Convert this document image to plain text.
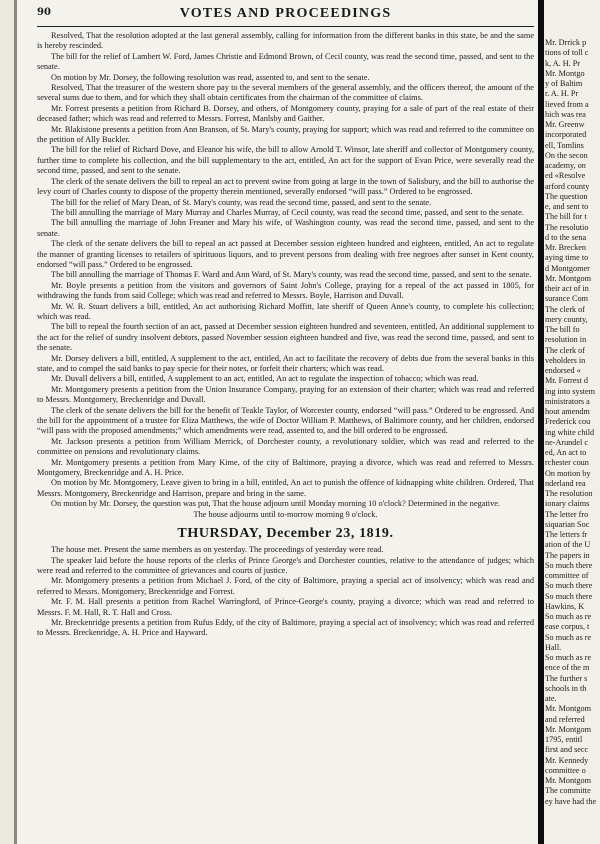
90	VOTES AND PROCEEDINGS

Resolved, That the resolution adopted at the last general assembly, calling for information from the different banks in this state, be and the same is hereby rescinded.

The bill for the relief of Lambert W. Ford, James Christie and Edmond Brown, of Cecil county, was read the second time, passed, and sent to the senate.

On motion by Mr. Dorsey, the following resolution was read, assented to, and sent to the senate.

Resolved, That the treasurer of the western shore pay to the several members of the general assembly, and the officers thereof, the amount of the several sums due to them, and for which they shall obtain certificates from the chairman of the committee of claims.

Mr. Forrest presents a petition from Richard B. Dorsey, and others, of Montgomery county, praying for a sale of part of the real estate of their deceased father; which was read and referred to Messrs. Forrest, Manlsby and Gaither.

Mr. Blakistone presents a petition from Ann Branson, of St. Mary's county, praying for support; which was read and referred to the committee on the petition of Ally Buckler.

The bill for the relief of Richard Dove, and Eleanor his wife, the bill to allow Arnold T. Winsor, late sheriff and collector of Montgomery county, further time to complete his collection, and the bill supplementary to the act, entitled, An act for the support of Evan Price, were severally read the second time, passed, and sent to the senate.

The clerk of the senate delivers the bill to repeal an act to prevent swine from going at large in the town of Salisbury, and the bill to authorise the levy court of Charles county to dispose of the property therein mentioned, severally endorsed “will pass.” Ordered to be engrossed.

The bill for the relief of Mary Dean, of St. Mary's county, was read the second time, passed, and sent to the senate.

The bill annulling the marriage of Mary Murray and Charles Murray, of Cecil county, was read the second time, passed, and sent to the senate.

The bill annulling the marriage of John Freaner and Mary his wife, of Washington county, was read the second time, passed, and sent to the senate.

The clerk of the senate delivers the bill to repeal an act passed at December session eighteen hundred and eighteen, entitled, An act to regulate the manner of granting licenses to retailers of spirituous liquors, and to prevent persons from dealing with free negroes after sunset in Kent county, endorsed “will pass.” Ordered to be engrossed.

The bill annulling the marriage of Thomas F. Ward and Ann Ward, of St. Mary's county, was read the second time, passed, and sent to the senate.

Mr. Boyle presents a petition from the visitors and governors of Saint John's College, praying for a repeal of the act passed in 1805, for withdrawing the funds from said College; which was read and referred to Messrs. Boyle, Harrison and Duvall.

Mr. W. R. Stuart delivers a bill, entitled, An act authorising Richard Moffitt, late sheriff of Queen Anne's county, to complete his collection; which was read.

The bill to repeal the fourth section of an act, passed at December session eighteen hundred and seventeen, entitled, An additional supplement to the act for the relief of sundry insolvent debtors, passed November session eighteen hundred and five, was read the second time, passed, and sent to the senate.

Mr. Dorsey delivers a bill, entitled, A supplement to the act, entitled, An act to facilitate the recovery of debts due from the several banks in this state, and to compel the said banks to pay specie for their notes, or forfeit their charters; which was read.

Mr. Duvall delivers a bill, entitled, A supplement to an act, entitled, An act to regulate the inspection of tobacco; which was read.

Mr. Montgomery presents a petition from the Union Insurance Company, praying for an extension of their charter; which was read and referred to Messrs. Montgomery, Breckenridge and Duvall.

The clerk of the senate delivers the bill for the benefit of Teakle Taylor, of Worcester county, endorsed “will pass.” Ordered to be engrossed. And the bill for the appointment of a trustee for Eliza Matthews, the wife of Doctor William P. Matthews, of Baltimore county, and her children, endorsed “will pass with the proposed amendments;” which amendments were read, assented to, and the bill ordered to be engrossed.

Mr. Jackson presents a petition from William Merrick, of Dorchester county, a revolutionary soldier, which was read and referred to the committee on pensions and revolutionary claims.

Mr. Montgomery presents a petition from Mary Kime, of the city of Baltimore, praying a divorce, which was read and referred to Messrs. Montgomery, Breckenridge and A. H. Price.

On motion by Mr. Montgomery, Leave given to bring in a bill, entitled, An act to punish the offence of kidnapping white children. Ordered, That Messrs. Montgomery, Breckenridge and Harrison, prepare and bring in the same.

On motion by Mr. Dorsey, the question was put, That the house adjourn until Monday morning 10 o'clock? Determined in the negative.

The house adjourns until to-morrow morning 9 o'clock.

THURSDAY, December 23, 1819.

The house met. Present the same members as on yesterday. The proceedings of yesterday were read.

The speaker laid before the house reports of the clerks of Prince George's and Dorchester counties, relative to the attendance of judges; which were read and referred to the committee of grievances and courts of justice.

Mr. Montgomery presents a petition from Michael J. Ford, of the city of Baltimore, praying a special act of insolvency; which was read and referred to Messrs. Montgomery, Breckenridge and Forrest.

Mr. F. M. Hall presents a petition from Rachel Warringford, of Prince-George's county, praying a divorce; which was read and referred to Messrs. F. M. Hall, R. T. Hall and Cross.

Mr. Breckenridge presents a petition from Rufus Eddy, of the city of Baltimore, praying a special act of insolvency; which was read and referred to Messrs. Breckenridge, A. H. Price and Hayward.

Mr. Drrick p
tions of toll c
k, A. H. Pr
Mr. Montgo
y of Baltim
r. A. H. Pr
lieved from a
hich was rea
Mr. Greenw
incorporated
ell, Tomlins
On the secon
academy, on
ed «Resolve
arford county
The question
e, and sent to
The bill for t
The resolutio
d to the sena
Mr. Brecken
aying time to
d Montgomer
Mr. Montgom
their act of in
surance Com
The clerk of
mery county,
The bill fo
resolution in
The clerk of
veholders in
endorsed «
Mr. Forrest d
ing into system
ministrators a
hout amendm
Frederick cou
ing white child
ne-Arundel c
ed, An act to
rchester coun
On motion by
nderland rea
The resolution
ionary claims
The letter fro
siquarian Soc
The letters fr
ation of the U
The papers in
So much there
committee of
So much there
So much there
Hawkins, K
So much as re
ease corpus, t
So much as re
Hall.
So much as re
ence of the m
The further s
schools in th
ate.
Mr. Montgom
and referred
Mr. Montgom
1795, entitl
first and secc
Mr. Kennedy
committee o
Mr. Montgom
The committe
ey have had the
